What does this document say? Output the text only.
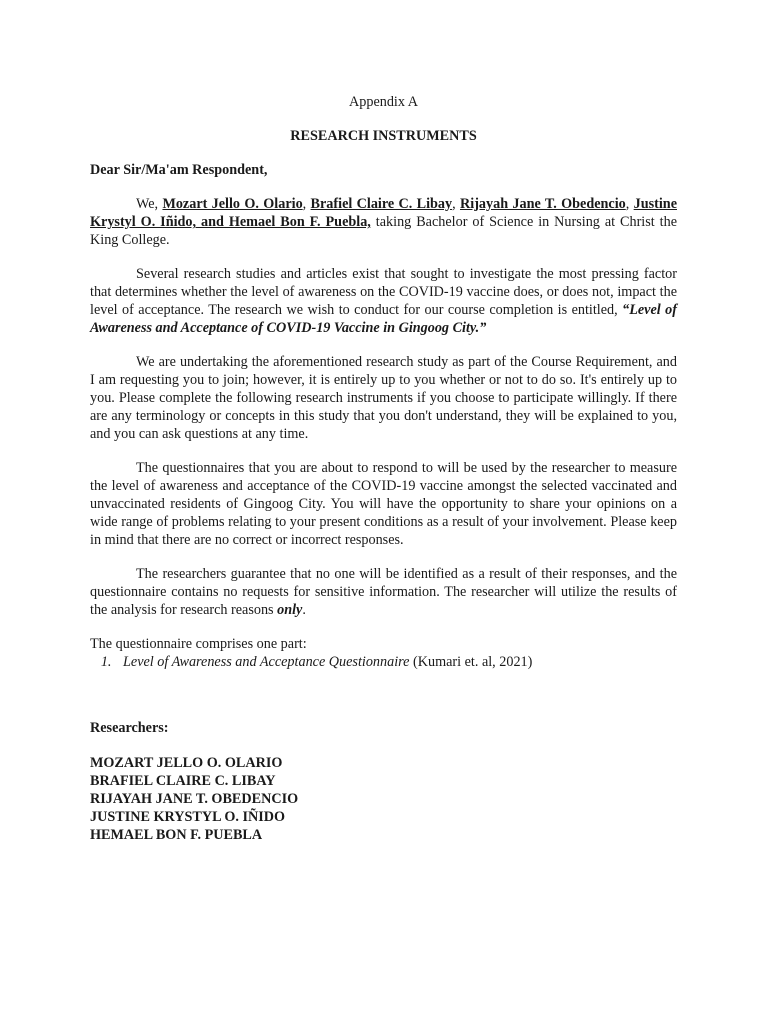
Appendix A
RESEARCH INSTRUMENTS
Dear Sir/Ma'am Respondent,

We, Mozart Jello O. Olario, Brafiel Claire C. Libay, Rijayah Jane T. Obedencio, Justine Krystyl O. Iñido, and Hemael Bon F. Puebla, taking Bachelor of Science in Nursing at Christ the King College.

Several research studies and articles exist that sought to investigate the most pressing factor that determines whether the level of awareness on the COVID-19 vaccine does, or does not, impact the level of acceptance. The research we wish to conduct for our course completion is entitled, “Level of Awareness and Acceptance of COVID-19 Vaccine in Gingoog City.”

We are undertaking the aforementioned research study as part of the Course Requirement, and I am requesting you to join; however, it is entirely up to you whether or not to do so. It's entirely up to you. Please complete the following research instruments if you choose to participate willingly. If there are any terminology or concepts in this study that you don't understand, they will be explained to you, and you can ask questions at any time.

The questionnaires that you are about to respond to will be used by the researcher to measure the level of awareness and acceptance of the COVID-19 vaccine amongst the selected vaccinated and unvaccinated residents of Gingoog City. You will have the opportunity to share your opinions on a wide range of problems relating to your present conditions as a result of your involvement. Please keep in mind that there are no correct or incorrect responses.

The researchers guarantee that no one will be identified as a result of their responses, and the questionnaire contains no requests for sensitive information. The researcher will utilize the results of the analysis for research reasons only.

The questionnaire comprises one part:
1. Level of Awareness and Acceptance Questionnaire (Kumari et. al, 2021)
Researchers:
MOZART JELLO O. OLARIO
BRAFIEL CLAIRE C. LIBAY
RIJAYAH JANE T. OBEDENCIO
JUSTINE KRYSTYL O. IÑIDO
HEMAEL BON F. PUEBLA
